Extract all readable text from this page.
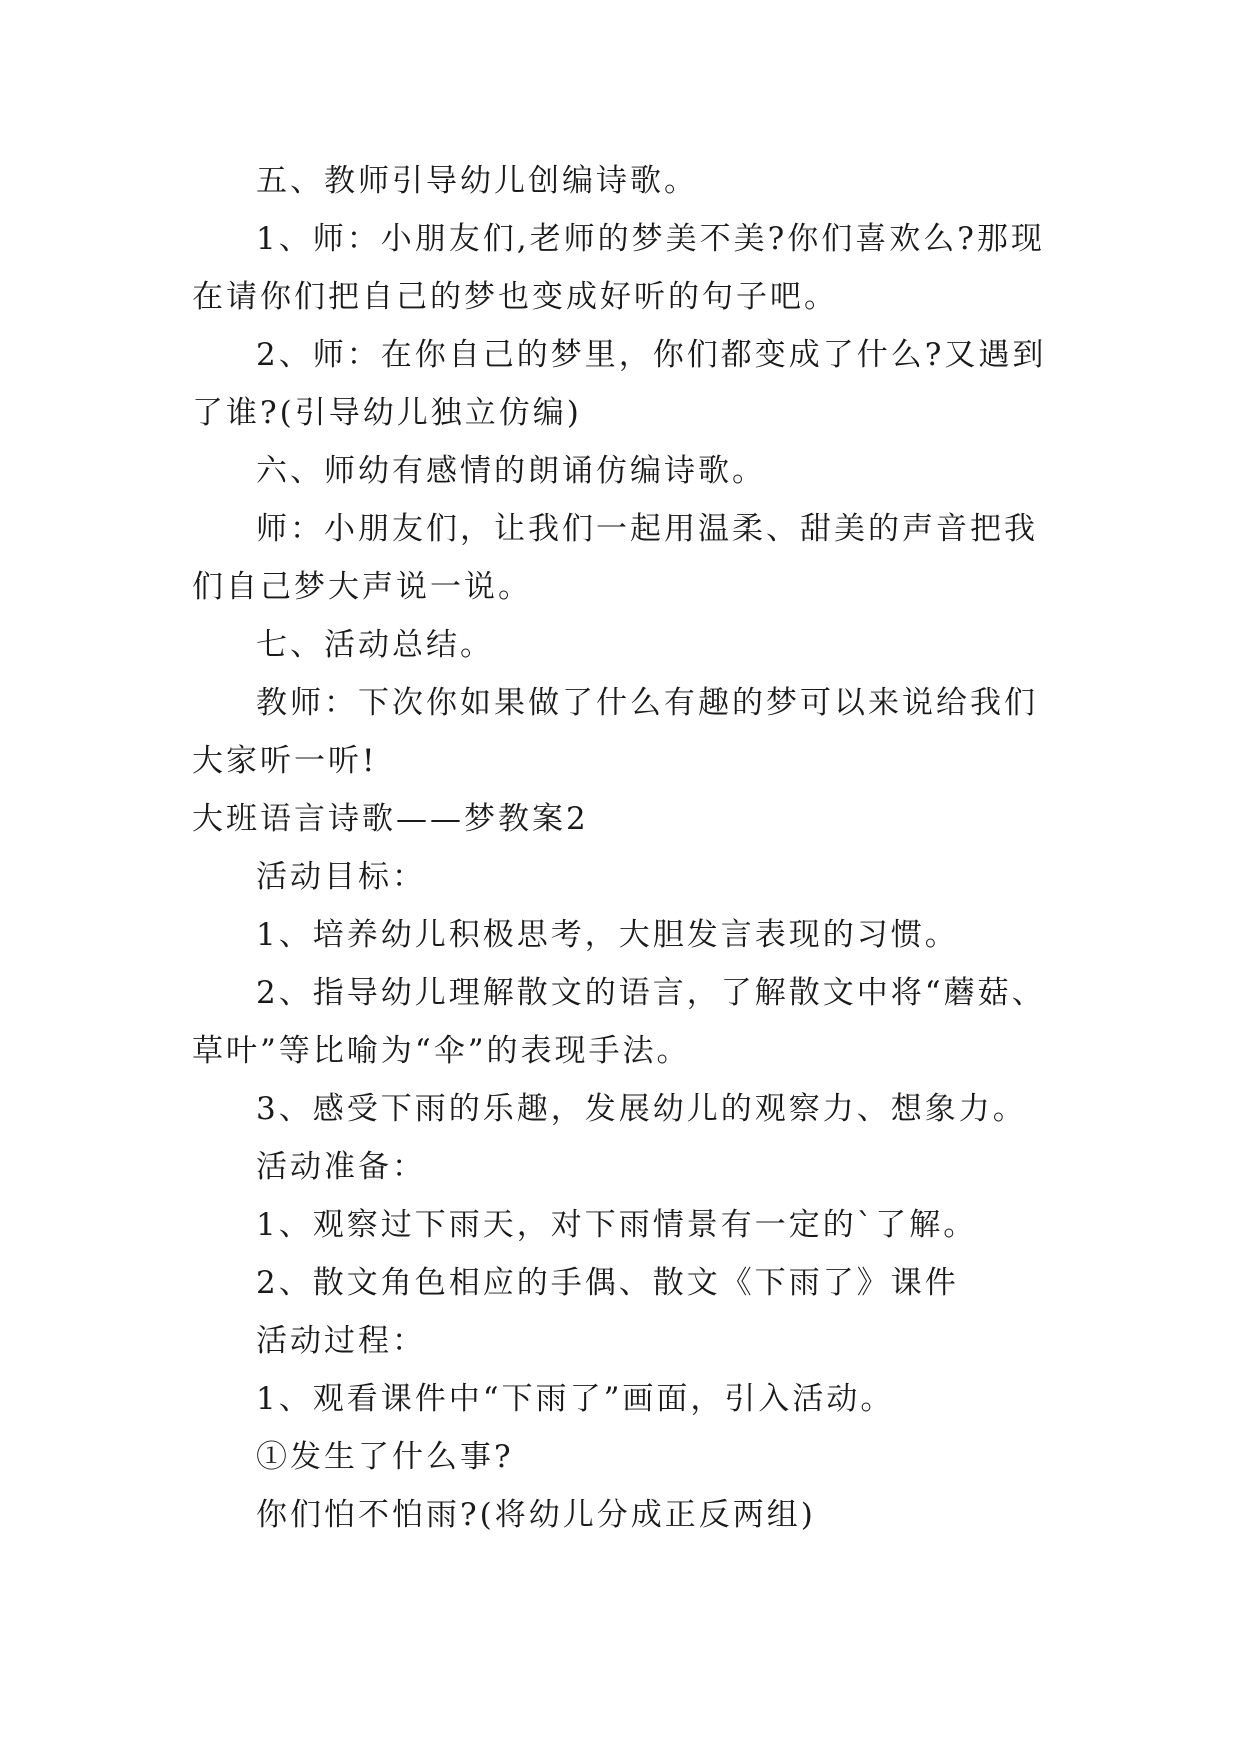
五、教师引导幼儿创编诗歌。

1、师：小朋友们,老师的梦美不美?你们喜欢么?那现在请你们把自己的梦也变成好听的句子吧。

2、师：在你自己的梦里，你们都变成了什么?又遇到了谁?(引导幼儿独立仿编)

六、师幼有感情的朗诵仿编诗歌。

师：小朋友们，让我们一起用温柔、甜美的声音把我们自己梦大声说一说。

七、活动总结。

教师：下次你如果做了什么有趣的梦可以来说给我们大家听一听!

大班语言诗歌——梦教案2

活动目标：

1、培养幼儿积极思考，大胆发言表现的习惯。

2、指导幼儿理解散文的语言，了解散文中将“蘑菇、草叶”等比喻为“伞”的表现手法。

3、感受下雨的乐趣，发展幼儿的观察力、想象力。

活动准备：

1、观察过下雨天，对下雨情景有一定的`了解。

2、散文角色相应的手偶、散文《下雨了》课件

活动过程：

1、观看课件中“下雨了”画面，引入活动。

①发生了什么事?

你们怕不怕雨?(将幼儿分成正反两组)
